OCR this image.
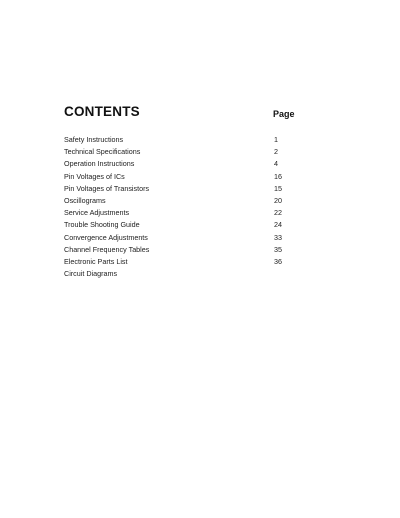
CONTENTS	Page
Safety Instructions	1
Technical Specifications	2
Operation Instructions	4
Pin Voltages of ICs	16
Pin Voltages of Transistors	15
Oscillograms	20
Service Adjustments	22
Trouble Shooting Guide	24
Convergence Adjustments	33
Channel Frequency Tables	35
Electronic Parts List	36
Circuit Diagrams
